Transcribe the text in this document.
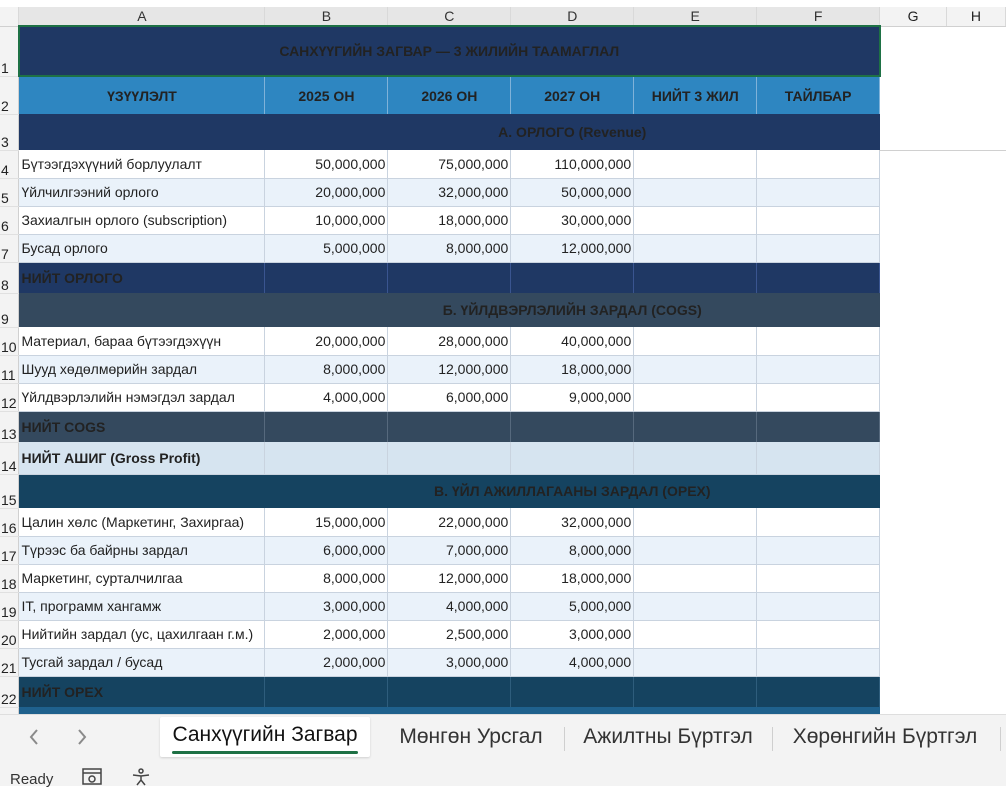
	A	B	C	D	E	F	G	H
1	САНХҮҮГИЙН ЗАГВАР — 3 ЖИЛИЙН ТААМАГЛАЛ							
2	ҮЗҮҮЛЭЛТ	2025 ОН	2026 ОН	2027 ОН	НИЙТ 3 ЖИЛ	ТАЙЛБАР		
3		А. ОРЛОГО (Revenue)						
4	Бүтээгдэхүүний борлуулалт	50,000,000	75,000,000	110,000,000				
5	Үйлчилгээний орлого	20,000,000	32,000,000	50,000,000				
6	Захиалгын орлого (subscription)	10,000,000	18,000,000	30,000,000				
7	Бусад орлого	5,000,000	8,000,000	12,000,000				
8	НИЙТ ОРЛОГО							
9		Б. ҮЙЛДВЭРЛЭЛИЙН ЗАРДАЛ (COGS)						
10	Материал, бараа бүтээгдэхүүн	20,000,000	28,000,000	40,000,000				
11	Шууд хөдөлмөрийн зардал	8,000,000	12,000,000	18,000,000				
12	Үйлдвэрлэлийн нэмэгдэл зардал	4,000,000	6,000,000	9,000,000				
13	НИЙТ COGS							
14	НИЙТ АШИГ (Gross Profit)							
15		В. ҮЙЛ АЖИЛЛАГААНЫ ЗАРДАЛ (OPEX)						
16	Цалин хөлс (Маркетинг, Захиргаа)	15,000,000	22,000,000	32,000,000				
17	Түрээс ба байрны зардал	6,000,000	7,000,000	8,000,000				
18	Маркетинг, сурталчилгаа	8,000,000	12,000,000	18,000,000				
19	IT, программ хангамж	3,000,000	4,000,000	5,000,000				
20	Нийтийн зардал (ус, цахилгаан г.м.)	2,000,000	2,500,000	3,000,000				
21	Тусгай зардал / бусад	2,000,000	3,000,000	4,000,000				
22	НИЙТ OPEX							

Санхүүгийн Загвар	Мөнгөн Урсгал	Ажилтны Бүртгэл	Хөрөнгийн Бүртгэл
Ready
